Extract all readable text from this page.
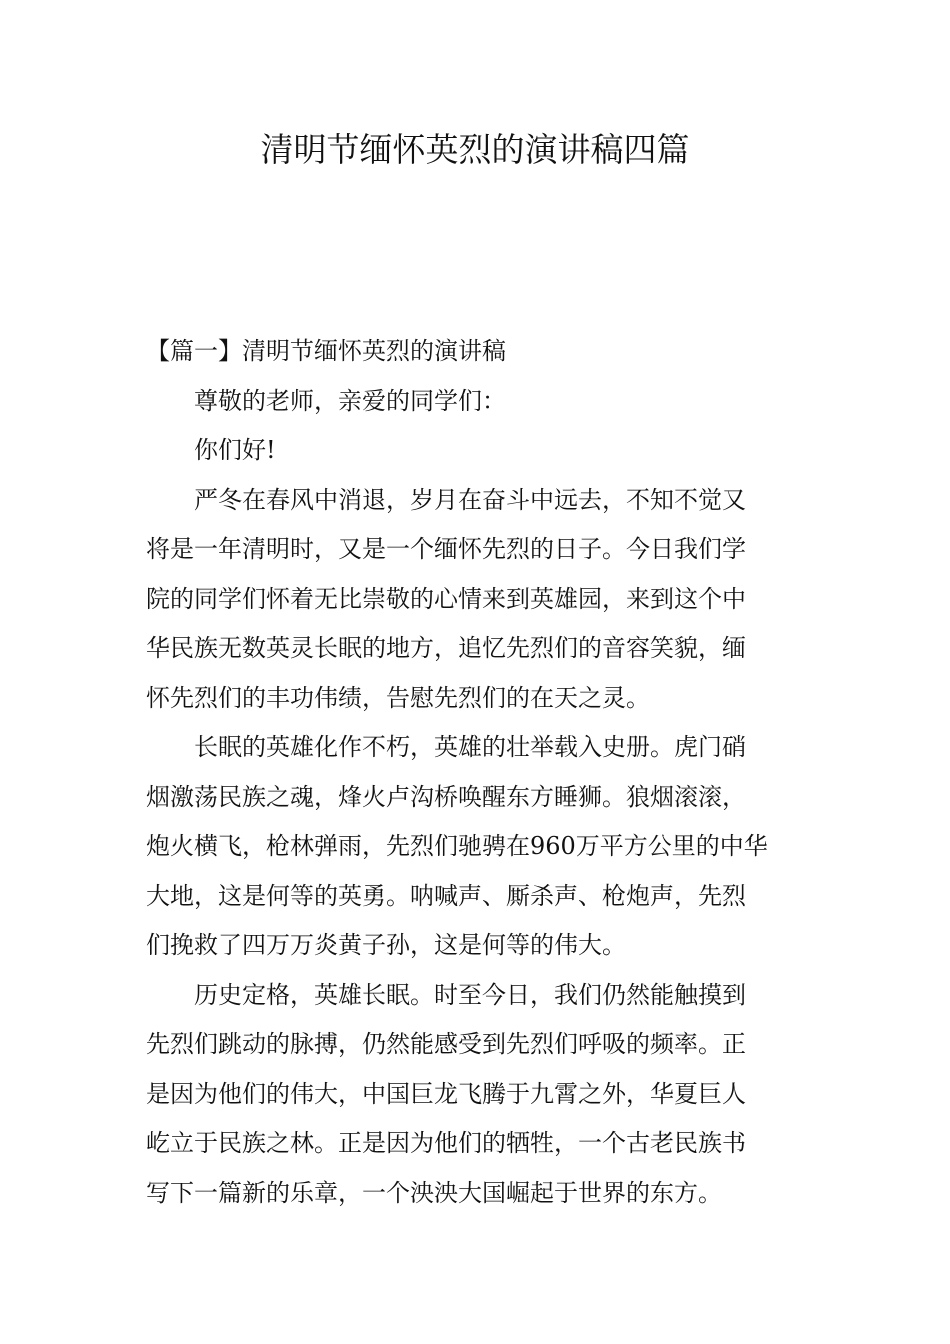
清明节缅怀英烈的演讲稿四篇
【篇一】清明节缅怀英烈的演讲稿
尊敬的老师，亲爱的同学们：
你们好!
严冬在春风中消退，岁月在奋斗中远去，不知不觉又
将是一年清明时，又是一个缅怀先烈的日子。今日我们学
院的同学们怀着无比崇敬的心情来到英雄园，来到这个中
华民族无数英灵长眠的地方，追忆先烈们的音容笑貌，缅
怀先烈们的丰功伟绩，告慰先烈们的在天之灵。
长眠的英雄化作不朽，英雄的壮举载入史册。虎门硝
烟激荡民族之魂，烽火卢沟桥唤醒东方睡狮。狼烟滚滚，
炮火横飞，枪林弹雨，先烈们驰骋在960万平方公里的中华
大地，这是何等的英勇。呐喊声、厮杀声、枪炮声，先烈
们挽救了四万万炎黄子孙，这是何等的伟大。
历史定格，英雄长眠。时至今日，我们仍然能触摸到
先烈们跳动的脉搏，仍然能感受到先烈们呼吸的频率。正
是因为他们的伟大，中国巨龙飞腾于九霄之外，华夏巨人
屹立于民族之林。正是因为他们的牺牲，一个古老民族书
写下一篇新的乐章，一个泱泱大国崛起于世界的东方。
